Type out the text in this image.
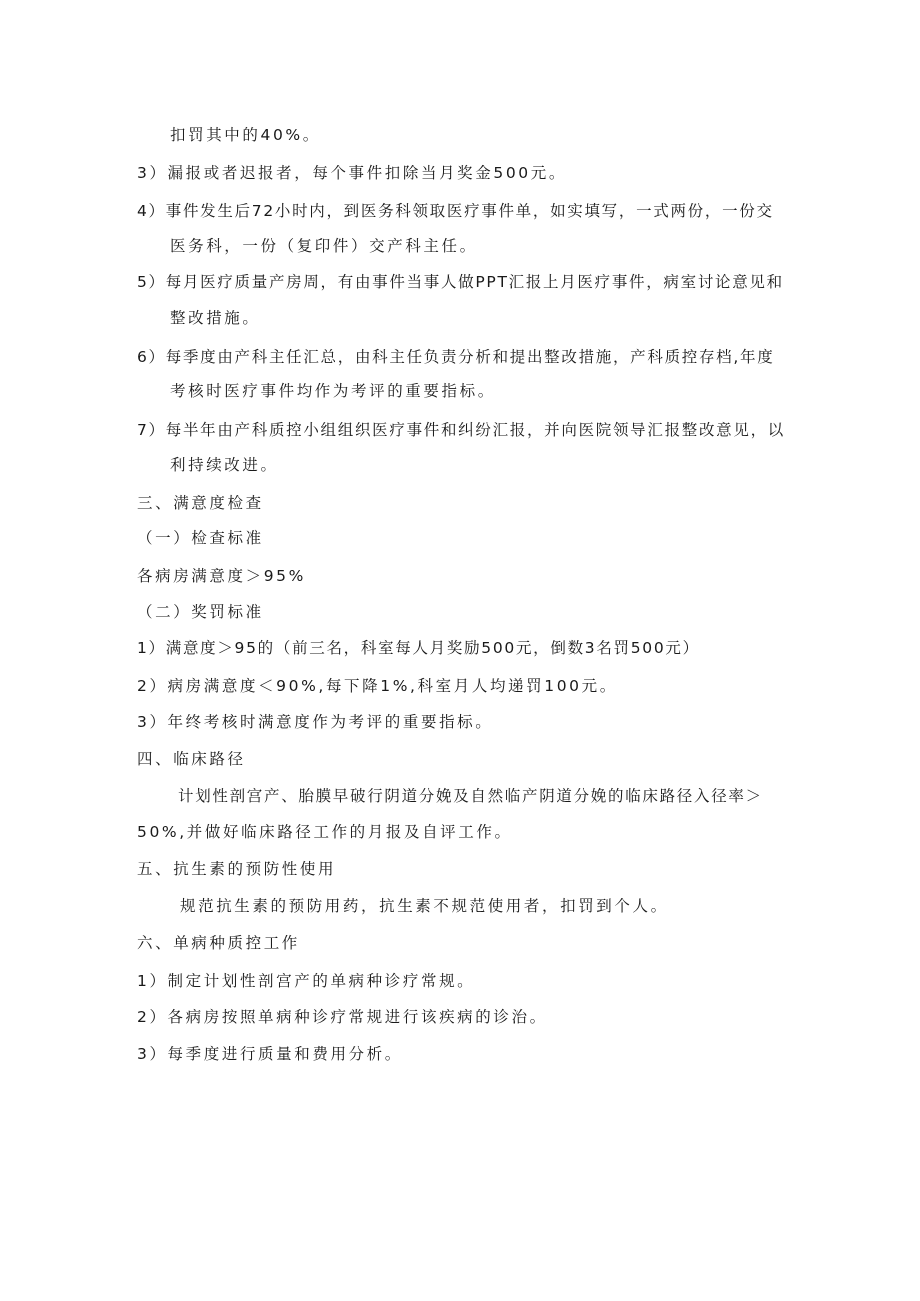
扣罚其中的40%。
3）漏报或者迟报者，每个事件扣除当月奖金500元。
4）事件发生后72小时内，到医务科领取医疗事件单，如实填写，一式两份，一份交
医务科，一份（复印件）交产科主任。
5）每月医疗质量产房周，有由事件当事人做PPT汇报上月医疗事件，病室讨论意见和
整改措施。
6）每季度由产科主任汇总，由科主任负责分析和提出整改措施，产科质控存档,年度
考核时医疗事件均作为考评的重要指标。
7）每半年由产科质控小组组织医疗事件和纠纷汇报，并向医院领导汇报整改意见，以
利持续改进。
三、满意度检查
（一）检查标准
各病房满意度＞95%
（二）奖罚标准
1）满意度＞95的（前三名，科室每人月奖励500元，倒数3名罚500元）
2）病房满意度＜90%,每下降1%,科室月人均递罚100元。
3）年终考核时满意度作为考评的重要指标。
四、临床路径
计划性剖宫产、胎膜早破行阴道分娩及自然临产阴道分娩的临床路径入径率＞
50%,并做好临床路径工作的月报及自评工作。
五、抗生素的预防性使用
规范抗生素的预防用药，抗生素不规范使用者，扣罚到个人。
六、单病种质控工作
1）制定计划性剖宫产的单病种诊疗常规。
2）各病房按照单病种诊疗常规进行该疾病的诊治。
3）每季度进行质量和费用分析。
